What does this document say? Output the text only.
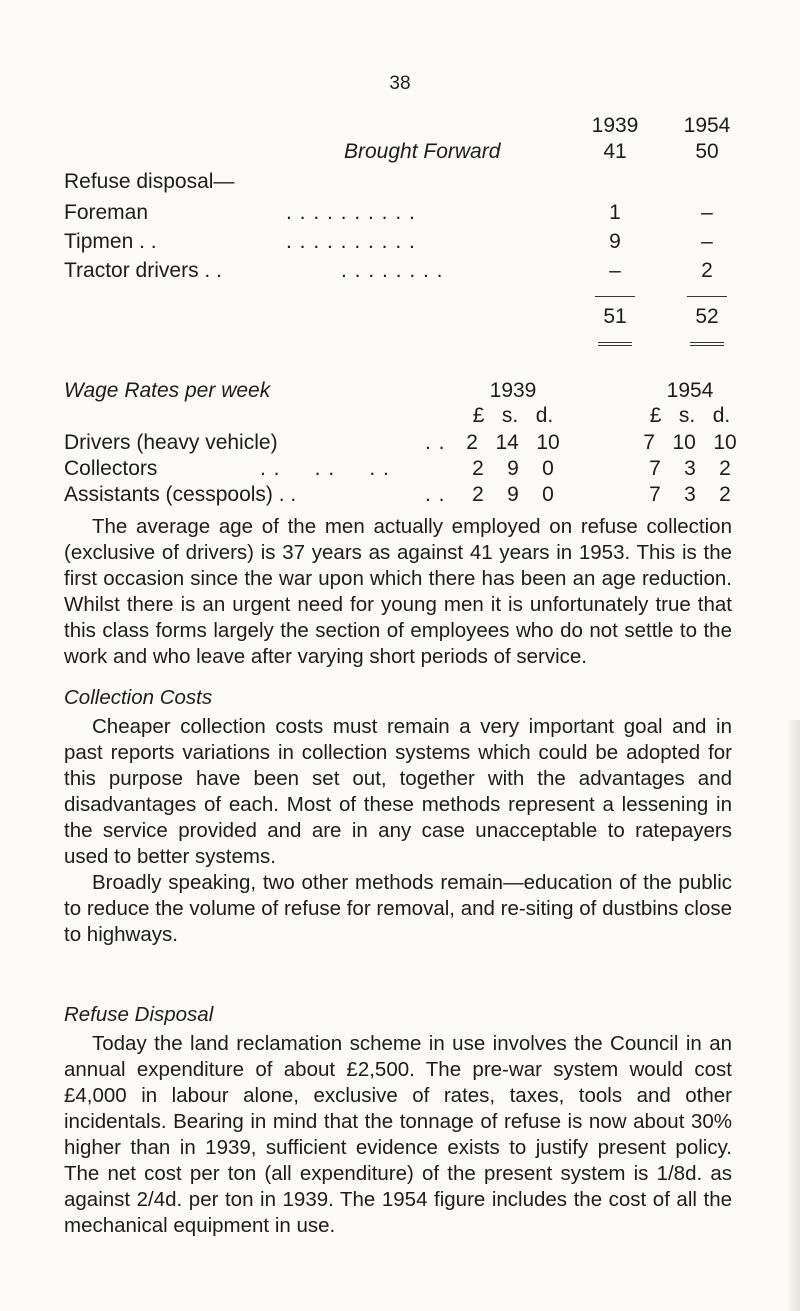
38
1939	1954
Brought Forward	41	50
Refuse disposal—
Foreman	. . . . . . . . . .	1	–
Tipmen . .	. . . . . . . . . .	9	–
Tractor drivers . .	. . . . . . . .	–	2
51	52
Wage Rates per week	1939	1954
£   s.   d.	£   s.   d.
Drivers (heavy vehicle)	. . 2   14   10	7   10   10
Collectors	. .     . .     . .	2    9    0	7    3    2
Assistants (cesspools) . .	. .	2    9    0	7    3    2

The average age of the men actually employed on refuse collection (exclusive of drivers) is 37 years as against 41 years in 1953. This is the first occasion since the war upon which there has been an age reduction. Whilst there is an urgent need for young men it is unfortunately true that this class forms largely the section of employees who do not settle to the work and who leave after varying short periods of service.

Collection Costs

Cheaper collection costs must remain a very important goal and in past reports variations in collection systems which could be adopted for this purpose have been set out, together with the advantages and disadvantages of each. Most of these methods represent a lessening in the service provided and are in any case unacceptable to ratepayers used to better systems.

Broadly speaking, two other methods remain—education of the public to reduce the volume of refuse for removal, and re-siting of dustbins close to highways.

Refuse Disposal

Today the land reclamation scheme in use involves the Council in an annual expenditure of about £2,500. The pre-war system would cost £4,000 in labour alone, exclusive of rates, taxes, tools and other incidentals. Bearing in mind that the tonnage of refuse is now about 30% higher than in 1939, sufficient evidence exists to justify present policy. The net cost per ton (all expenditure) of the present system is 1/8d. as against 2/4d. per ton in 1939. The 1954 figure includes the cost of all the mechanical equipment in use.
